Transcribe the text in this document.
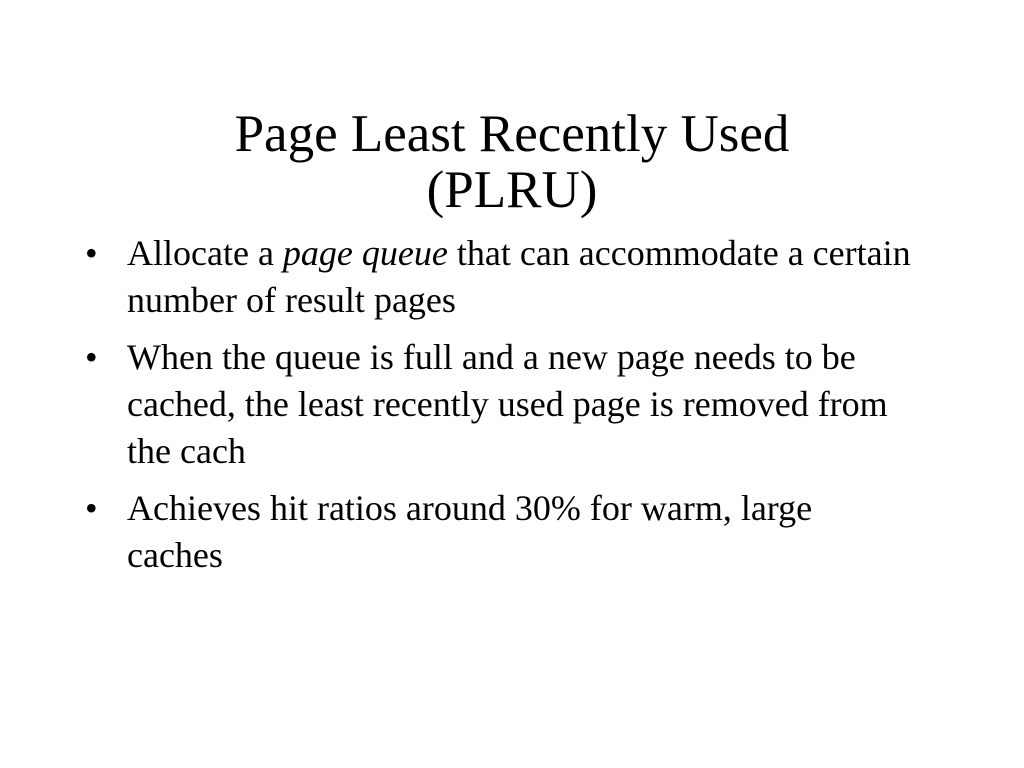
Page Least Recently Used
(PLRU)
• Allocate a page queue that can accommodate a certain number of result pages
• When the queue is full and a new page needs to be cached, the least recently used page is removed from the cach
• Achieves hit ratios around 30% for warm, large caches
